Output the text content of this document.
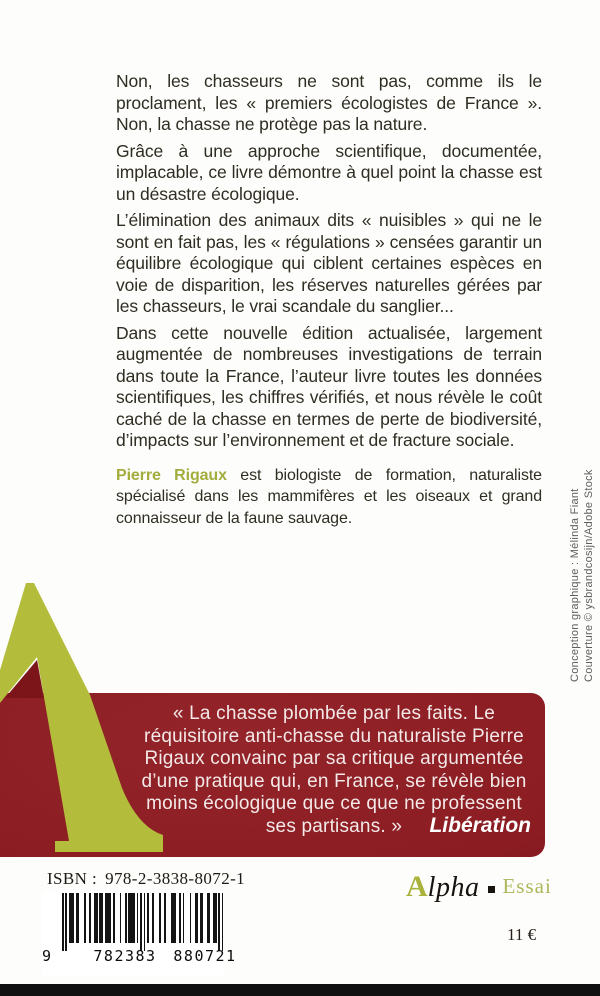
Non, les chasseurs ne sont pas, comme ils le proclament, les « premiers écologistes de France ». Non, la chasse ne protège pas la nature.

Grâce à une approche scientifique, documentée, implacable, ce livre démontre à quel point la chasse est un désastre écologique.

L’élimination des animaux dits « nuisibles » qui ne le sont en fait pas, les « régulations » censées garantir un équilibre écologique qui ciblent certaines espèces en voie de disparition, les réserves naturelles gérées par les chasseurs, le vrai scandale du sanglier...

Dans cette nouvelle édition actualisée, largement augmentée de nombreuses investigations de terrain dans toute la France, l’auteur livre toutes les données scientifiques, les chiffres vérifiés, et nous révèle le coût caché de la chasse en termes de perte de biodiversité, d’impacts sur l’environnement et de fracture sociale.

Pierre Rigaux est biologiste de formation, naturaliste spécialisé dans les mammifères et les oiseaux et grand connaisseur de la faune sauvage.	Conception graphique : Mélinda Fiant Couverture © ysbrandcosijn/Adobe Stock

« La chasse plombée par les faits. Le réquisitoire anti-chasse du naturaliste Pierre Rigaux convainc par sa critique argumentée d’une pratique qui, en France, se révèle bien moins écologique que ce que ne professent ses partisans. »	Libération

ISBN : 978-2-3838-8072-1	Alpha Essai
9	782383	880721
11 €
